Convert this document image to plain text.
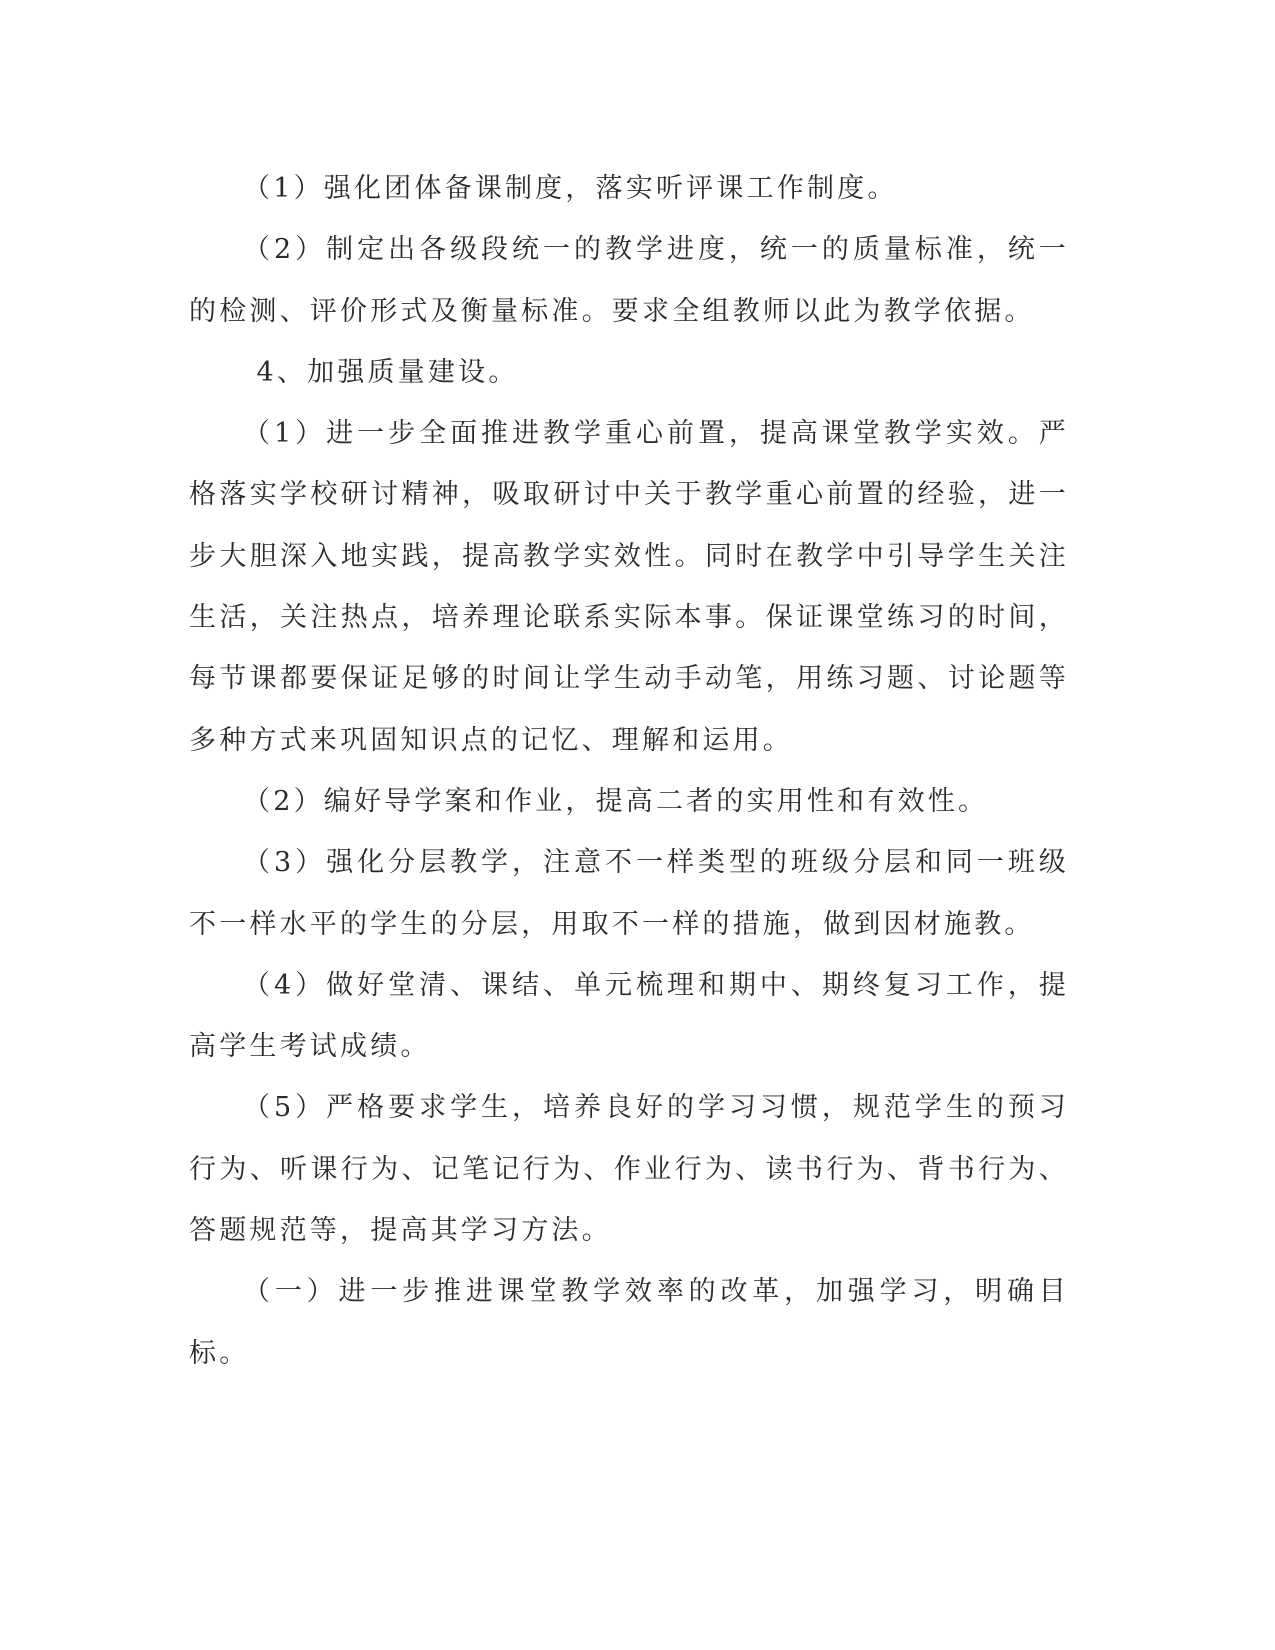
（1）强化团体备课制度，落实听评课工作制度。

（2）制定出各级段统一的教学进度，统一的质量标准，统一的检测、评价形式及衡量标准。要求全组教师以此为教学依据。

4、加强质量建设。

（1）进一步全面推进教学重心前置，提高课堂教学实效。严格落实学校研讨精神，吸取研讨中关于教学重心前置的经验，进一步大胆深入地实践，提高教学实效性。同时在教学中引导学生关注生活，关注热点，培养理论联系实际本事。保证课堂练习的时间，每节课都要保证足够的时间让学生动手动笔，用练习题、讨论题等多种方式来巩固知识点的记忆、理解和运用。

（2）编好导学案和作业，提高二者的实用性和有效性。

（3）强化分层教学，注意不一样类型的班级分层和同一班级不一样水平的学生的分层，用取不一样的措施，做到因材施教。

（4）做好堂清、课结、单元梳理和期中、期终复习工作，提高学生考试成绩。

（5）严格要求学生，培养良好的学习习惯，规范学生的预习行为、听课行为、记笔记行为、作业行为、读书行为、背书行为、答题规范等，提高其学习方法。

（一）进一步推进课堂教学效率的改革，加强学习，明确目标。
